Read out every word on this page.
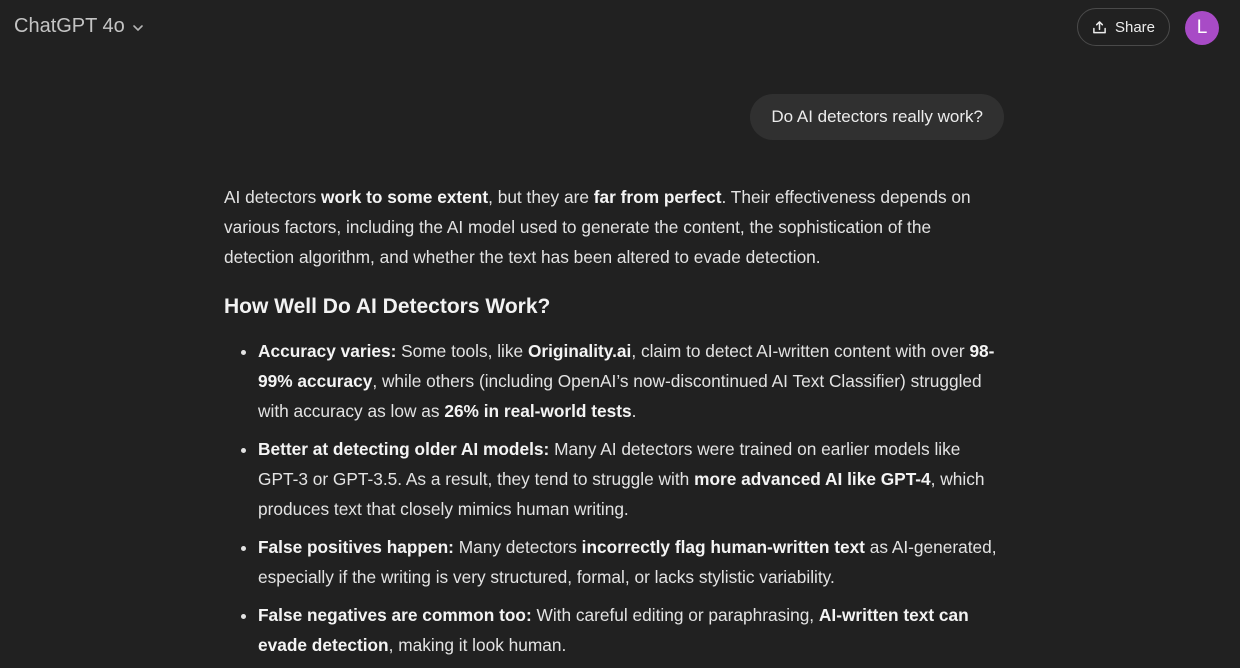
ChatGPT 4o	Share	L
Do AI detectors really work?

AI detectors work to some extent, but they are far from perfect. Their effectiveness depends on various factors, including the AI model used to generate the content, the sophistication of the detection algorithm, and whether the text has been altered to evade detection.

How Well Do AI Detectors Work?
• Accuracy varies: Some tools, like Originality.ai, claim to detect AI-written content with over 98-99% accuracy, while others (including OpenAI’s now-discontinued AI Text Classifier) struggled with accuracy as low as 26% in real-world tests.
• Better at detecting older AI models: Many AI detectors were trained on earlier models like GPT-3 or GPT-3.5. As a result, they tend to struggle with more advanced AI like GPT-4, which produces text that closely mimics human writing.
• False positives happen: Many detectors incorrectly flag human-written text as AI-generated, especially if the writing is very structured, formal, or lacks stylistic variability.
• False negatives are common too: With careful editing or paraphrasing, AI-written text can evade detection, making it look human.
